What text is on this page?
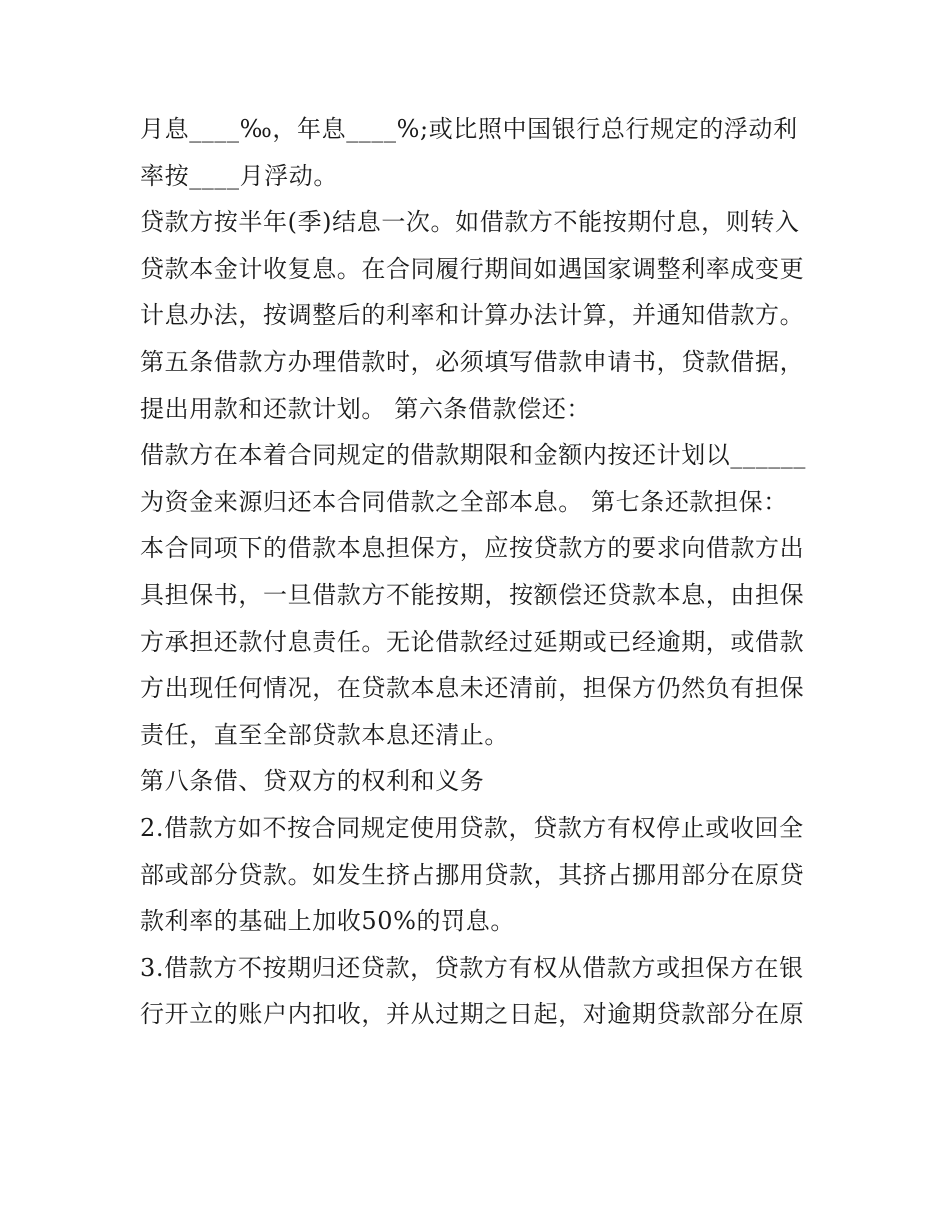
月息____‰，年息____%;或比照中国银行总行规定的浮动利
率按____月浮动。
贷款方按半年(季)结息一次。如借款方不能按期付息，则转入
贷款本金计收复息。在合同履行期间如遇国家调整利率成变更
计息办法，按调整后的利率和计算办法计算，并通知借款方。
第五条借款方办理借款时，必须填写借款申请书，贷款借据，
提出用款和还款计划。 第六条借款偿还：
借款方在本着合同规定的借款期限和金额内按还计划以______
为资金来源归还本合同借款之全部本息。 第七条还款担保：
本合同项下的借款本息担保方，应按贷款方的要求向借款方出
具担保书，一旦借款方不能按期，按额偿还贷款本息，由担保
方承担还款付息责任。无论借款经过延期或已经逾期，或借款
方出现任何情况，在贷款本息未还清前，担保方仍然负有担保
责任，直至全部贷款本息还清止。
第八条借、贷双方的权利和义务
2.借款方如不按合同规定使用贷款，贷款方有权停止或收回全
部或部分贷款。如发生挤占挪用贷款，其挤占挪用部分在原贷
款利率的基础上加收50%的罚息。
3.借款方不按期归还贷款，贷款方有权从借款方或担保方在银
行开立的账户内扣收，并从过期之日起，对逾期贷款部分在原
